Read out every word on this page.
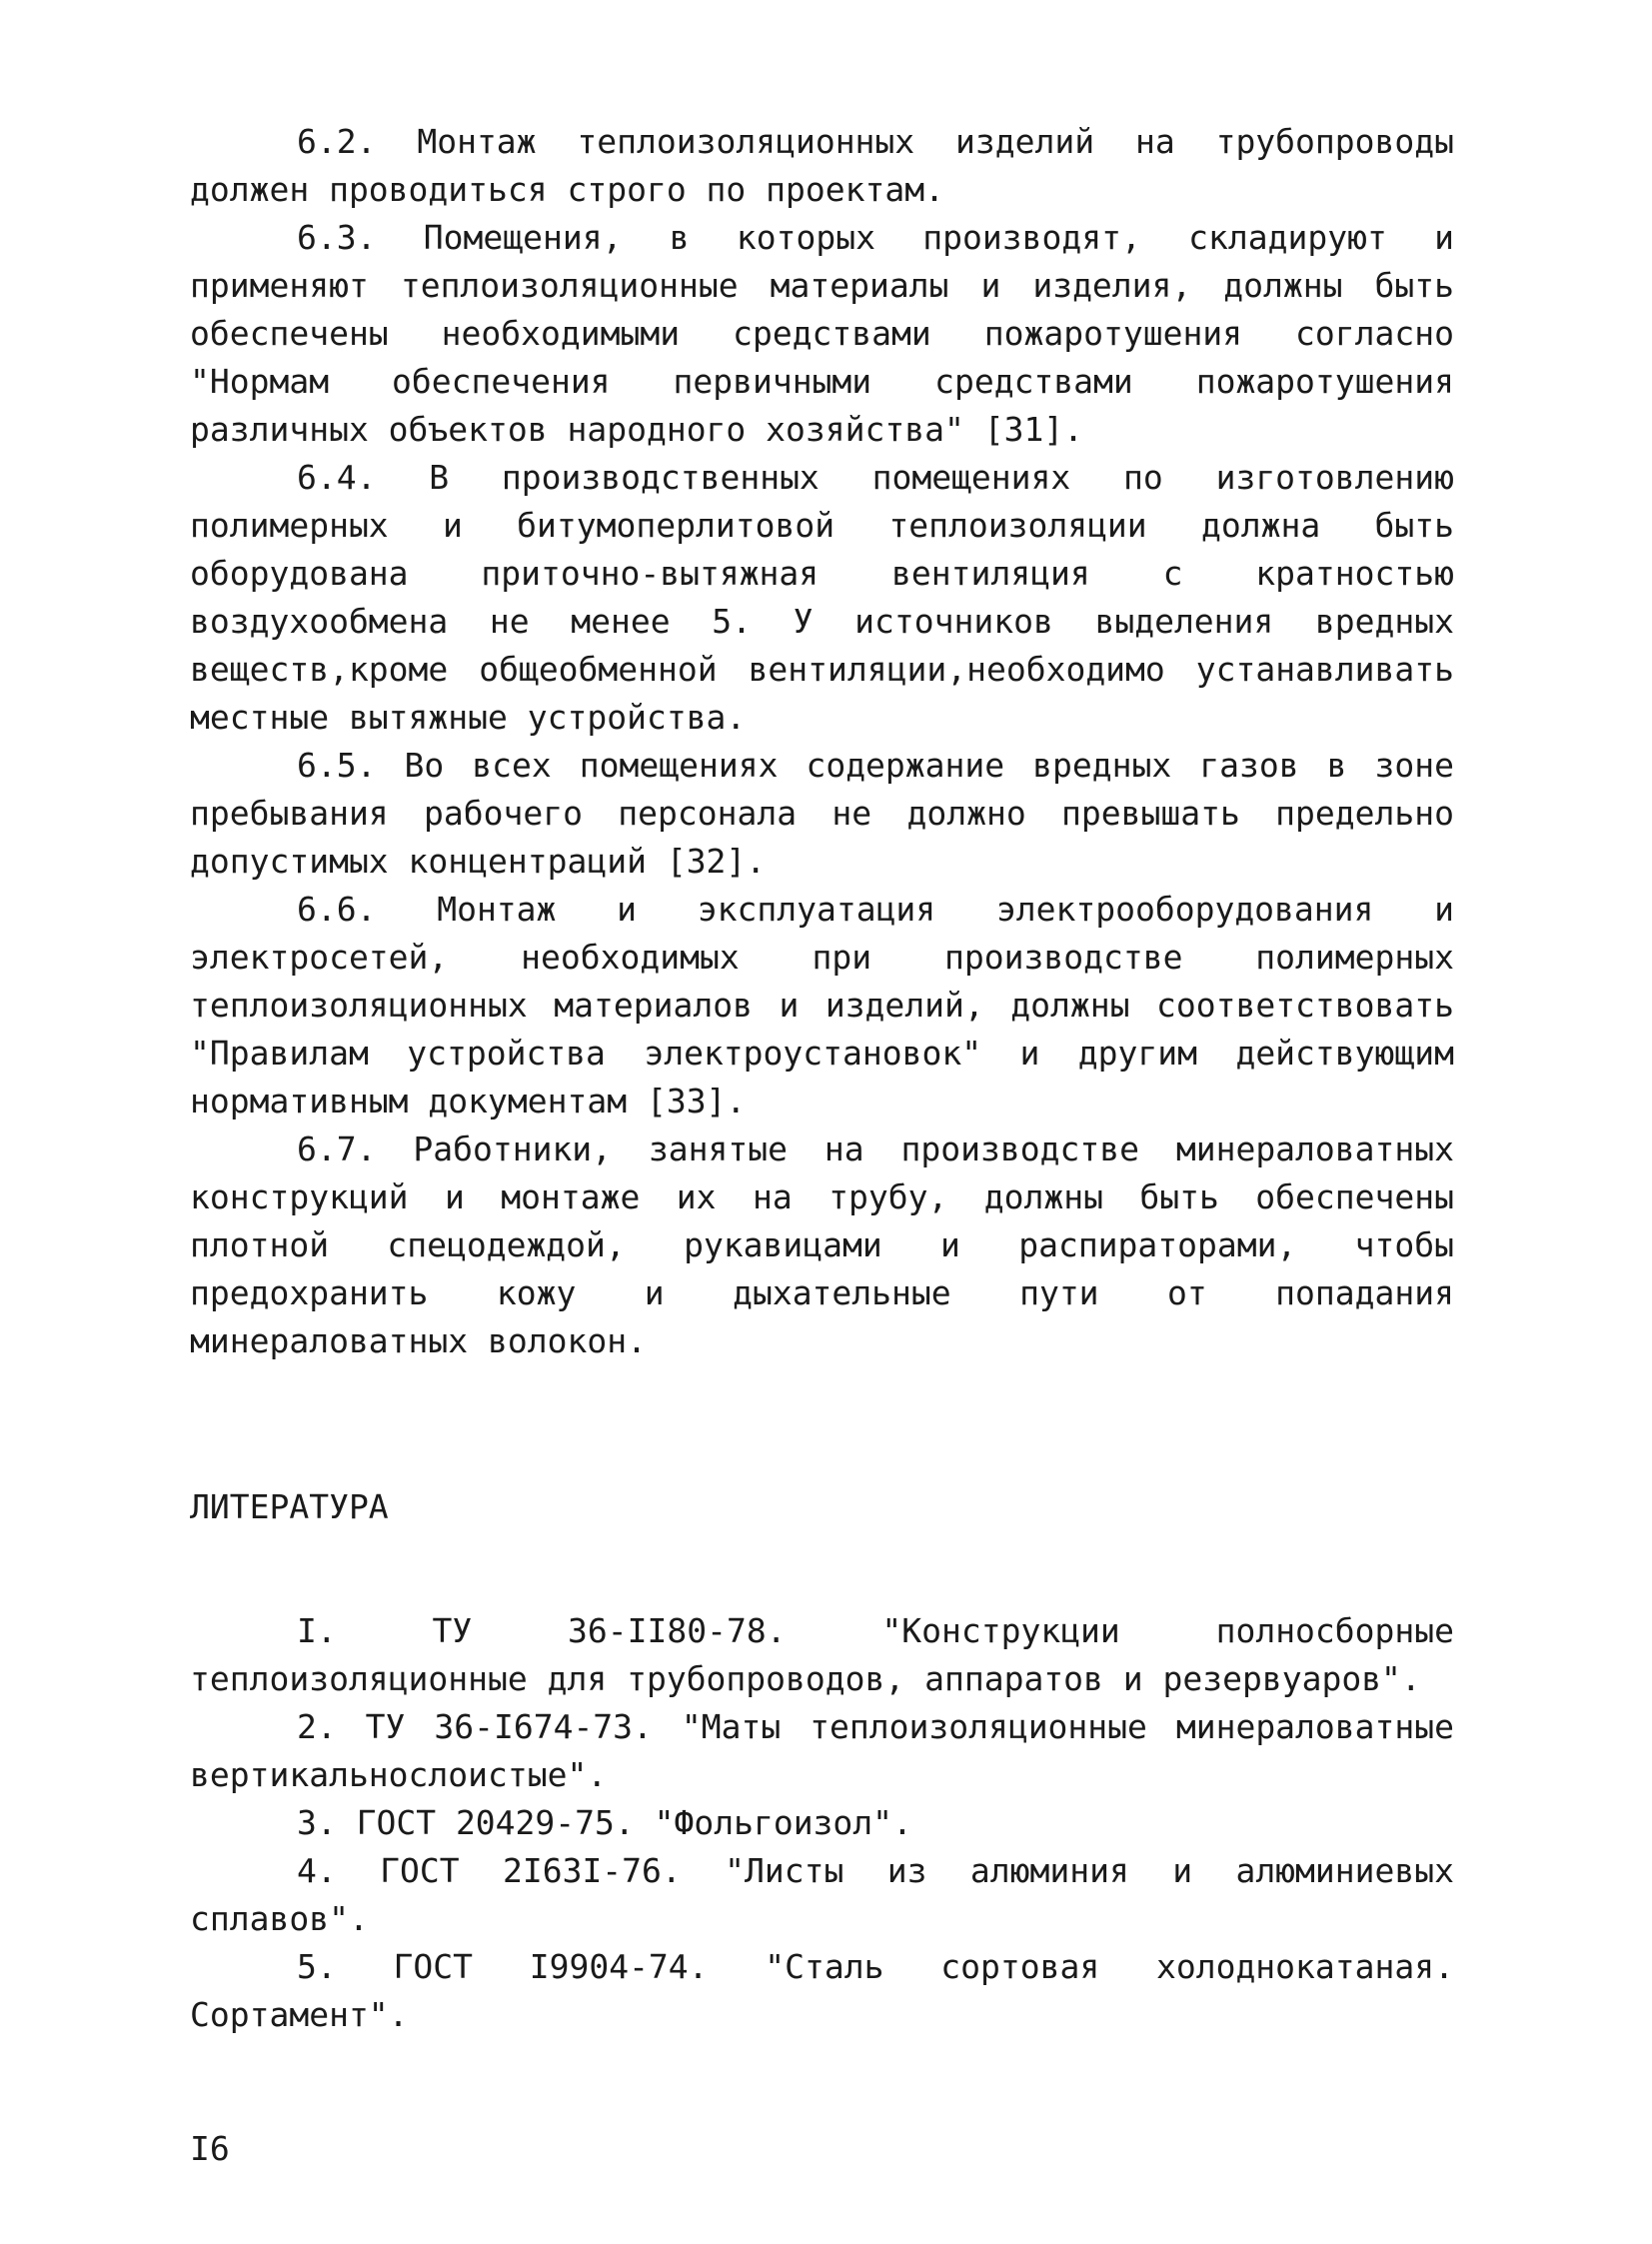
6.2. Монтаж теплоизоляционных изделий на трубопроводы должен проводиться строго по проектам.

6.3. Помещения, в которых производят, складируют и применяют теплоизоляционные материалы и изделия, должны быть обеспечены необходимыми средствами пожаротушения согласно "Нормам обеспечения первичными средствами пожаротушения различных объектов народного хозяйства" [31].

6.4. В производственных помещениях по изготовлению полимерных и битумоперлитовой теплоизоляции должна быть оборудована приточно-вытяжная вентиляция с кратностью воздухообмена не менее 5. У источников выделения вредных веществ,кроме общеобменной вентиляции,необходимо устанавливать местные вытяжные устройства.

6.5. Во всех помещениях содержание вредных газов в зоне пребывания рабочего персонала не должно превышать предельно допустимых концентраций [32].

6.6. Монтаж и эксплуатация электрооборудования и электросетей, необходимых при производстве полимерных теплоизоляционных материалов и изделий, должны соответствовать "Правилам устройства электроустановок" и другим действующим нормативным документам [33].

6.7. Работники, занятые на производстве минераловатных конструкций и монтаже их на трубу, должны быть обеспечены плотной спецодеждой, рукавицами и распираторами, чтобы предохранить кожу и дыхательные пути от попадания минераловатных волокон.

ЛИТЕРАТУРА

I. ТУ 36-II80-78. "Конструкции полносборные теплоизоляционные для трубопроводов, аппаратов и резервуаров".

2. ТУ 36-I674-73. "Маты теплоизоляционные минераловатные вертикальнослоистые".

3. ГОСТ 20429-75. "Фольгоизол".

4. ГОСТ 2I63I-76. "Листы из алюминия и алюминиевых сплавов".

5. ГОСТ I9904-74. "Сталь сортовая холоднокатаная. Сортамент".

I6
